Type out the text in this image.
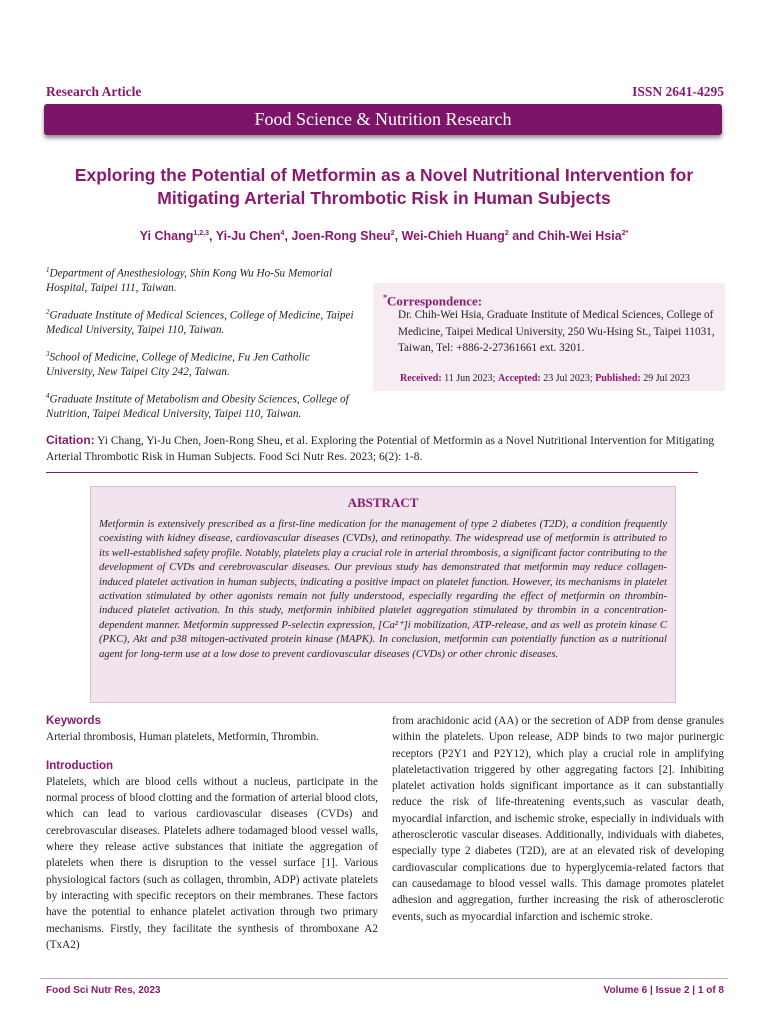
Research Article	ISSN 2641-4295
Food Science & Nutrition Research
Exploring the Potential of Metformin as a Novel Nutritional Intervention for
Mitigating Arterial Thrombotic Risk in Human Subjects
Yi Chang$^{1,2,3}$, Yi-Ju Chen$^4$, Joen-Rong Sheu$^2$, Wei-Chieh Huang$^2$ and Chih-Wei Hsia$^{2*}$
$^1$Department of Anesthesiology, Shin Kong Wu Ho-Su Memorial Hospital, Taipei 111, Taiwan.
$^2$Graduate Institute of Medical Sciences, College of Medicine, Taipei Medical University, Taipei 110, Taiwan.
$^3$School of Medicine, College of Medicine, Fu Jen Catholic University, New Taipei City 242, Taiwan.
$^4$Graduate Institute of Metabolism and Obesity Sciences, College of Nutrition, Taipei Medical University, Taipei 110, Taiwan.
*Correspondence:
Dr. Chih-Wei Hsia, Graduate Institute of Medical Sciences, College of Medicine, Taipei Medical University, 250 Wu-Hsing St., Taipei 11031, Taiwan, Tel: +886-2-27361661 ext. 3201.
Received: 11 Jun 2023; Accepted: 23 Jul 2023; Published: 29 Jul 2023
Citation: Yi Chang, Yi-Ju Chen, Joen-Rong Sheu, et al. Exploring the Potential of Metformin as a Novel Nutritional Intervention for Mitigating Arterial Thrombotic Risk in Human Subjects. Food Sci Nutr Res. 2023; 6(2): 1-8.
ABSTRACT
Metformin is extensively prescribed as a first-line medication for the management of type 2 diabetes (T2D), a condition frequently coexisting with kidney disease, cardiovascular diseases (CVDs), and retinopathy. The widespread use of metformin is attributed to its well-established safety profile. Notably, platelets play a crucial role in arterial thrombosis, a significant factor contributing to the development of CVDs and cerebrovascular diseases. Our previous study has demonstrated that metformin may reduce collagen-induced platelet activation in human subjects, indicating a positive impact on platelet function. However, its mechanisms in platelet activation stimulated by other agonists remain not fully understood, especially regarding the effect of metformin on thrombin-induced platelet activation. In this study, metformin inhibited platelet aggregation stimulated by thrombin in a concentration-dependent manner. Metformin suppressed P-selectin expression, [Ca²⁺]i mobilization, ATP-release, and as well as protein kinase C (PKC), Akt and p38 mitogen-activated protein kinase (MAPK). In conclusion, metformin can potentially function as a nutritional agent for long-term use at a low dose to prevent cardiovascular diseases (CVDs) or other chronic diseases.
Keywords
Arterial thrombosis, Human platelets, Metformin, Thrombin.
Introduction
Platelets, which are blood cells without a nucleus, participate in the normal process of blood clotting and the formation of arterial blood clots, which can lead to various cardiovascular diseases (CVDs) and cerebrovascular diseases. Platelets adhere todamaged blood vessel walls, where they release active substances that initiate the aggregation of platelets when there is disruption to the vessel surface [1]. Various physiological factors (such as collagen, thrombin, ADP) activate platelets by interacting with specific receptors on their membranes. These factors have the potential to enhance platelet activation through two primary mechanisms. Firstly, they facilitate the synthesis of thromboxane A2 (TxA2)
from arachidonic acid (AA) or the secretion of ADP from dense granules within the platelets. Upon release, ADP binds to two major purinergic receptors (P2Y1 and P2Y12), which play a crucial role in amplifying plateletactivation triggered by other aggregating factors [2]. Inhibiting platelet activation holds significant importance as it can substantially reduce the risk of life-threatening events,such as vascular death, myocardial infarction, and ischemic stroke, especially in individuals with atherosclerotic vascular diseases. Additionally, individuals with diabetes, especially type 2 diabetes (T2D), are at an elevated risk of developing cardiovascular complications due to hyperglycemia-related factors that can causedamage to blood vessel walls. This damage promotes platelet adhesion and aggregation, further increasing the risk of atherosclerotic events, such as myocardial infarction and ischemic stroke.
Food Sci Nutr Res, 2023	Volume 6 | Issue 2 | 1 of 8
